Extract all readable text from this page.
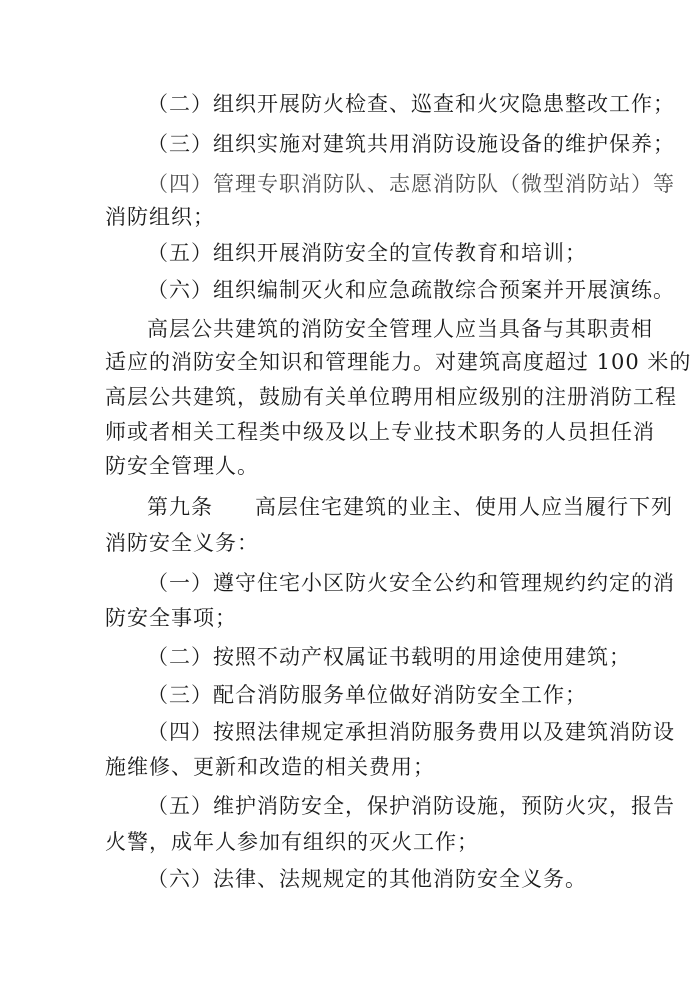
（二）组织开展防火检查、巡查和火灾隐患整改工作；
（三）组织实施对建筑共用消防设施设备的维护保养；
（四）管理专职消防队、志愿消防队（微型消防站）等
消防组织；
（五）组织开展消防安全的宣传教育和培训；
（六）组织编制灭火和应急疏散综合预案并开展演练。
高层公共建筑的消防安全管理人应当具备与其职责相
适应的消防安全知识和管理能力。对建筑高度超过 100 米的
高层公共建筑，鼓励有关单位聘用相应级别的注册消防工程
师或者相关工程类中级及以上专业技术职务的人员担任消
防安全管理人。
第九条 高层住宅建筑的业主、使用人应当履行下列
消防安全义务：
（一）遵守住宅小区防火安全公约和管理规约约定的消
防安全事项；
（二）按照不动产权属证书载明的用途使用建筑；
（三）配合消防服务单位做好消防安全工作；
（四）按照法律规定承担消防服务费用以及建筑消防设
施维修、更新和改造的相关费用；
（五）维护消防安全，保护消防设施，预防火灾，报告
火警，成年人参加有组织的灭火工作；
（六）法律、法规规定的其他消防安全义务。
